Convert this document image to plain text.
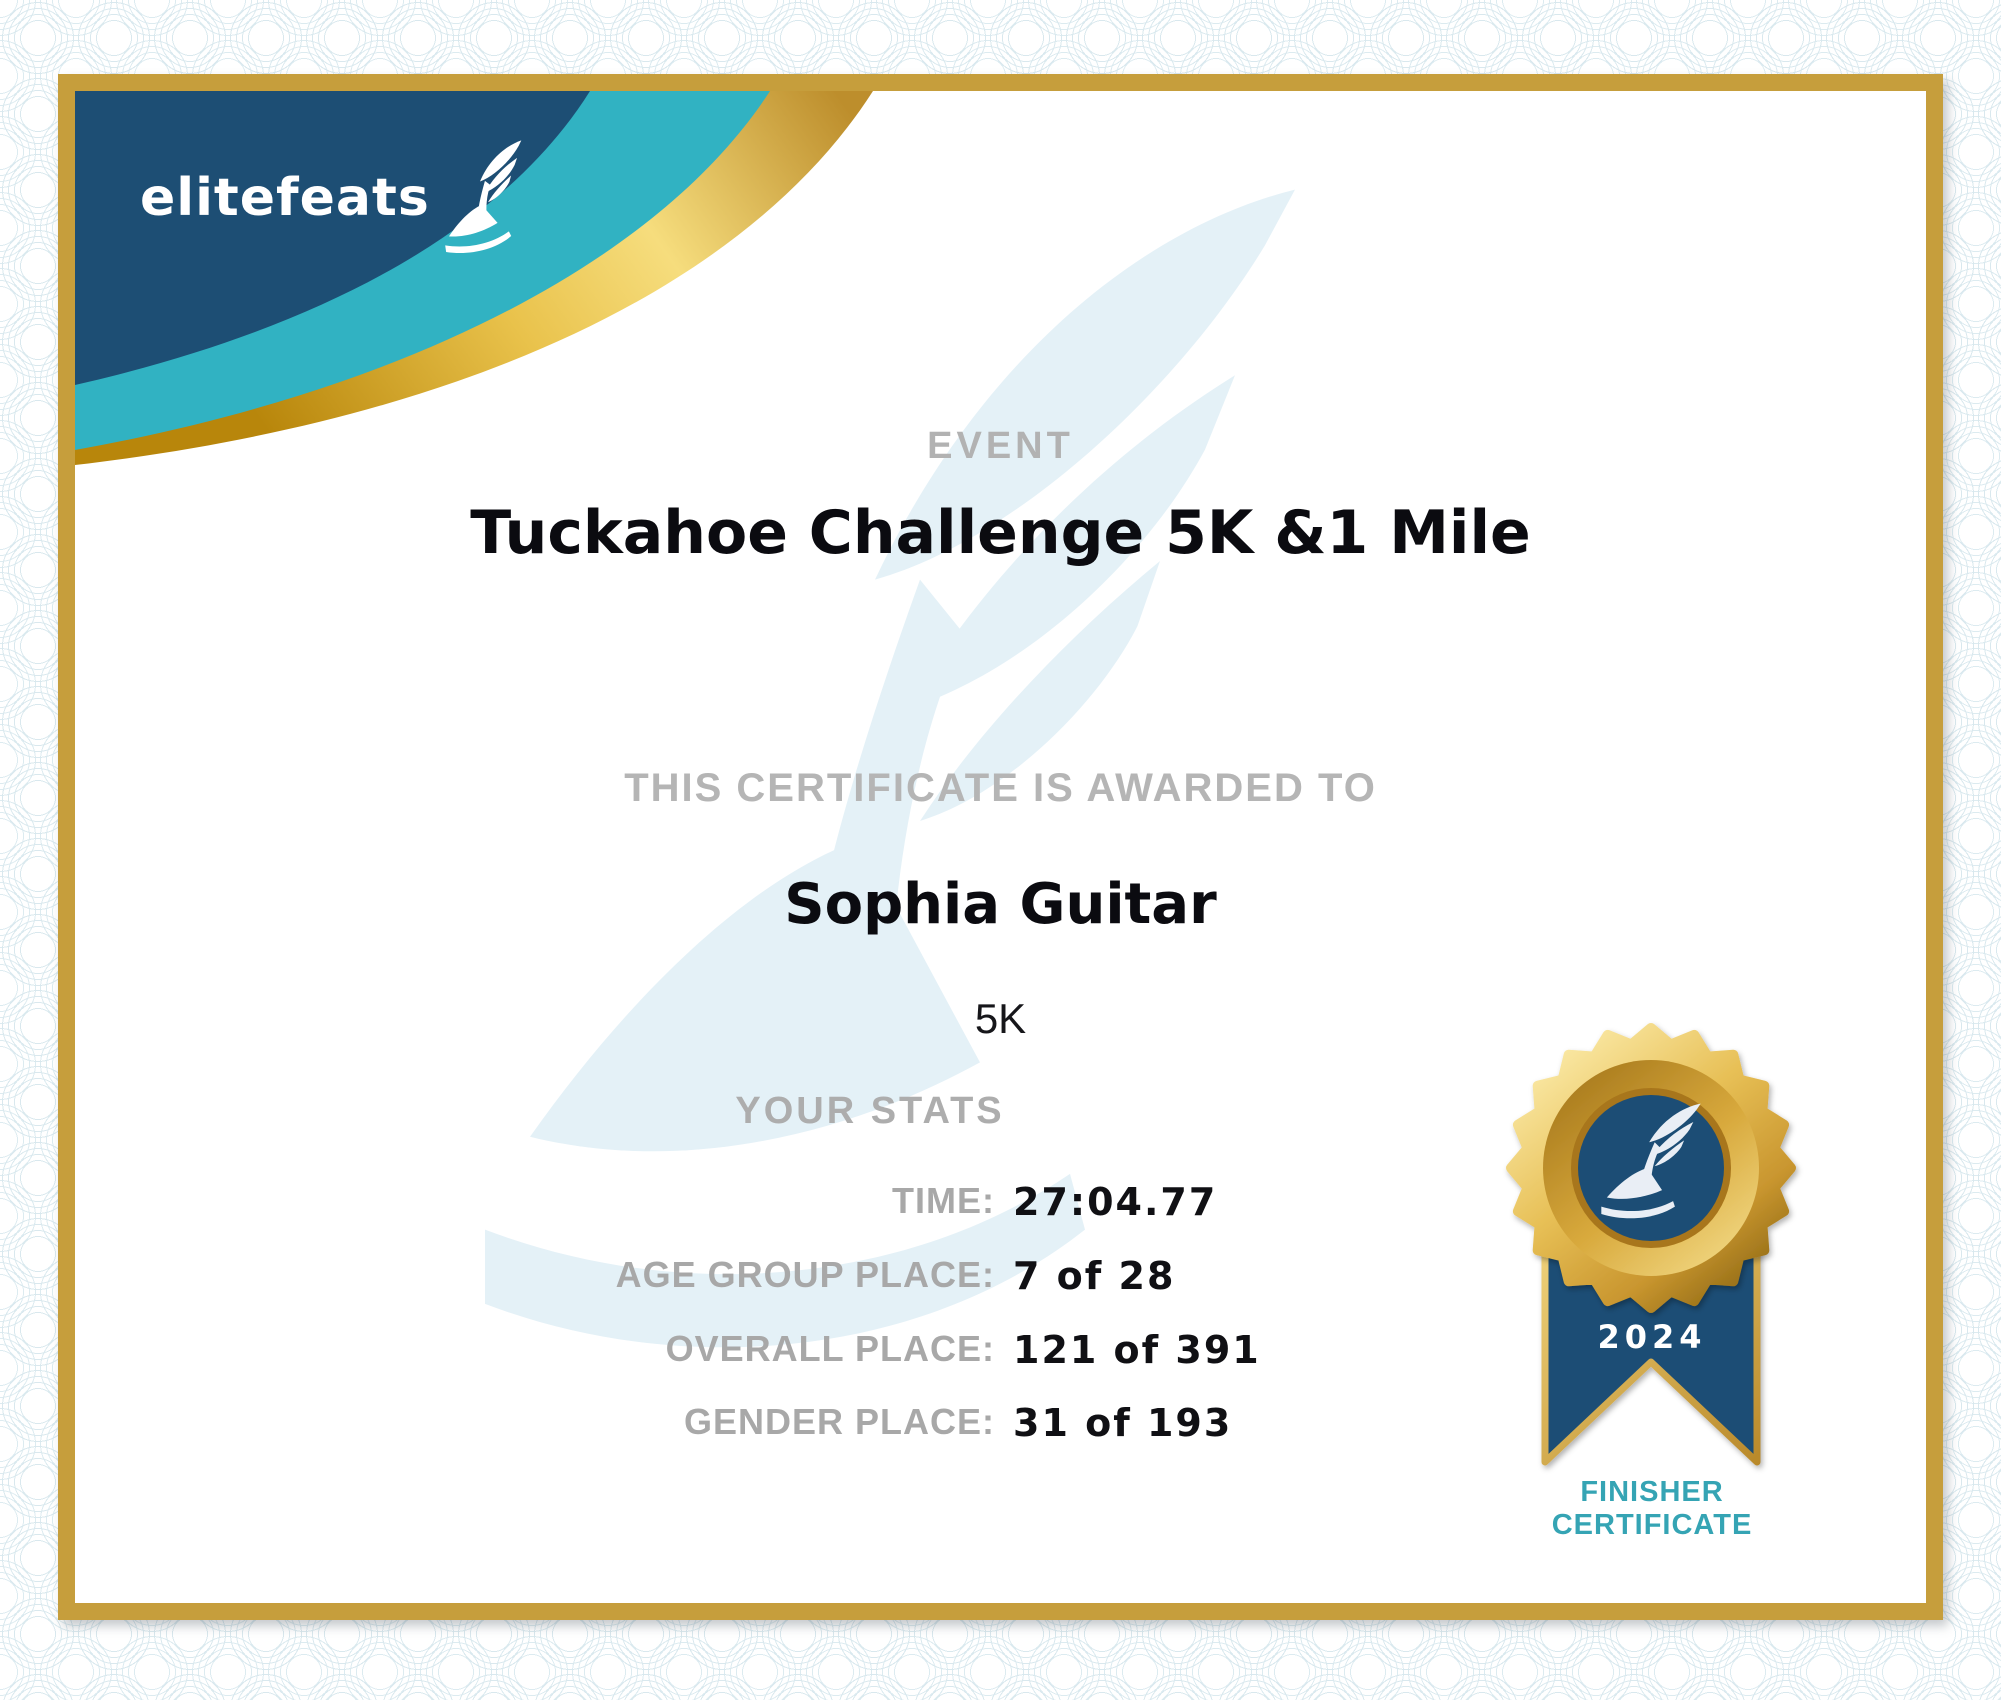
elitefeats
EVENT
Tuckahoe Challenge 5K &1 Mile
THIS CERTIFICATE IS AWARDED TO
Sophia Guitar
5K
YOUR STATS
TIME: 27:04.77
AGE GROUP PLACE: 7 of 28
OVERALL PLACE: 121 of 391
GENDER PLACE: 31 of 193
2024
FINISHER
CERTIFICATE
